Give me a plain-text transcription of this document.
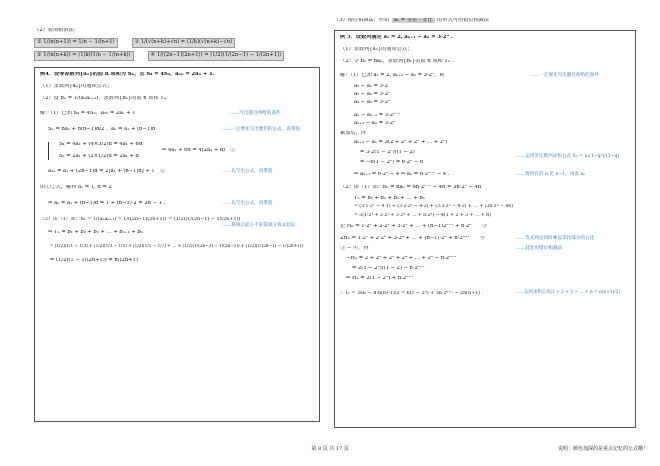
（2）裂项相消法：

① 1/(n(n+1)) = 1/n − 1/(n+1)	③ 1/(√(n+k)+√n) = (1/k)(√(n+k)−√n)
② 1/(n(n+k)) = (1/k)(1/n − 1/(n+k))	④ 1/((2n−1)(2n+1)) = (1/2)(1/(2n−1) − 1/(2n+1))

例4．设等差数列{aₙ}的前 n 项和为 Sₙ，且 S₄ = 4S₂，a₂ₙ = 2aₙ + 1.

（1）求数列{aₙ}的通项公式；

（2）设 bₙ = 1/(aₙaₙ₊₁)，求数列{bₙ}的前 n 项和 Tₙ.

解：（1）已知 S₄ = 4S₂，a₂ₙ = 2aₙ + 1	……写出题目所给的条件

Sₙ = na₁ + n(n−1)d/2 ，aₙ = a₁ + (n−1)d	……一定要先写出要用的公式，再带值

S₄ = 4a₁ + (4×3/2)d = 4a₁ + 6d

S₂ = 2a₁ + (2×1/2)d = 2a₁ + d

⇒ 4a₁ + 6d = 4(2a₁ + d)　①

a₂ₙ = a₁ + (2n−1)d = 2[a₁ + (n−1)d] + 1　②	……先写出公式，再带值

由①②式，解得 a₁ = 1, d = 2

⇒ aₙ = a₁ + (n−1)d = 1 + (n−1)·2 = 2n − 1 .	……先写出公式，再带值

（2）由（1）知：bₙ = 1/(aₙaₙ₊₁) = 1/((2n−1)(2n+1)) = (1/2)(1/(2n−1) − 1/(2n+1))

……将项后面小不好裂项分拆去验证

⇒ Tₙ = b₁ + b₂ + b₃ + … + bₙ₋₁ + bₙ

= (1/2)(1/1 − 1/3) + (1/2)(1/3 − 1/5) + (1/2)(1/5 − 1/7) + … + (1/2)(1/(2n−3) − 1/(2n−1)) + (1/2)(1/(2n−1) − 1/(2n+1))

= (1/2)(1 − 1/(2n+1)) = n/(2n+1)

（3）错位相减法：形如“ aₙ = 等差 · 等比 ”的形式可用错位相减法

例 5．设数列满足 a₁ = 2, aₙ₊₁ − aₙ = 3·2ⁿ .

（1）求数列{aₙ}的通项公式；

（2）令 bₙ = naₙ，求数列{bₙ}的前 n 项和 Tₙ .

解：（1）已知 a₁ = 2, aₙ₊₁ − aₙ = 3·2ⁿ，则	……一定要先写出题目所给的条件

a₂ − a₁ = 3·2

a₃ − a₂ = 3·2²

a₄ − a₃ = 3·2³

aₙ − aₙ₋₁ = 3·2ⁿ⁻¹

aₙ₊₁ − aₙ = 3·2ⁿ

累加后，得

aₙ₊₁ − a₁ = 3(2 + 2² + 2³ + … + 2ⁿ)

= 3·2(1 − 2ⁿ)/(1 − 2)

……运用等比数列求和公式 Sₙ = a₁(1−qⁿ)/(1−q)

= −6(1 − 2ⁿ) = 6·2ⁿ − 6

⇒ aₙ₊₁ = 6·2ⁿ − 4 ⇒ aₙ = 6·2ⁿ⁻¹ − 4 .	……将所有的 n 化 n−1，再求 aₙ

（2）由（1）知：bₙ = naₙ = 6n·2ⁿ⁻¹ − 4n = 3n·2ⁿ − 4n

Tₙ = b₁ + b₂ + b₃ + … + bₙ

= (3·1·2¹ − 4·1) + (3·2·2² − 4·2) + (3·3·2³ − 4·3) + … + (3n·2ⁿ − 4n)

= 3(1·2¹ + 2·2² + 3·2³ + … + n·2ⁿ) − 4(1 + 2 + 3 + … + n)

记 Hₙ = 1·2¹ + 2·2² + 3·2³ + … + (n−1)2ⁿ⁻¹ + n·2ⁿ　　③

2Hₙ = 1·2² + 2·2³ + 3·2⁴ + … + (n−1)·2ⁿ + n·2ⁿ⁺¹　　④	……等式两边同时乘以等比部分的公比

③ − ④，得	……此处用错位相减法

−Hₙ = 2 + 2² + 2³ + 2⁴ + … + 2ⁿ − n·2ⁿ⁺¹

= 2(1 − 2ⁿ)/(1 − 2) − n·2ⁿ⁺¹

⇒ Hₙ = 2(1 − 2ⁿ) + n·2ⁿ⁺¹

∴ Tₙ = 3Hₙ − 4·n(n+1)/2 = 6(1 − 2ⁿ) + 3n·2ⁿ⁺¹ − 2n(n+1) .	……运用求和公式(1 + 2 + 3 + … + n = n(n+1)/2)
第 8 页 共 17 页	说明：颜色加深的是重点记忆的公式哦！
